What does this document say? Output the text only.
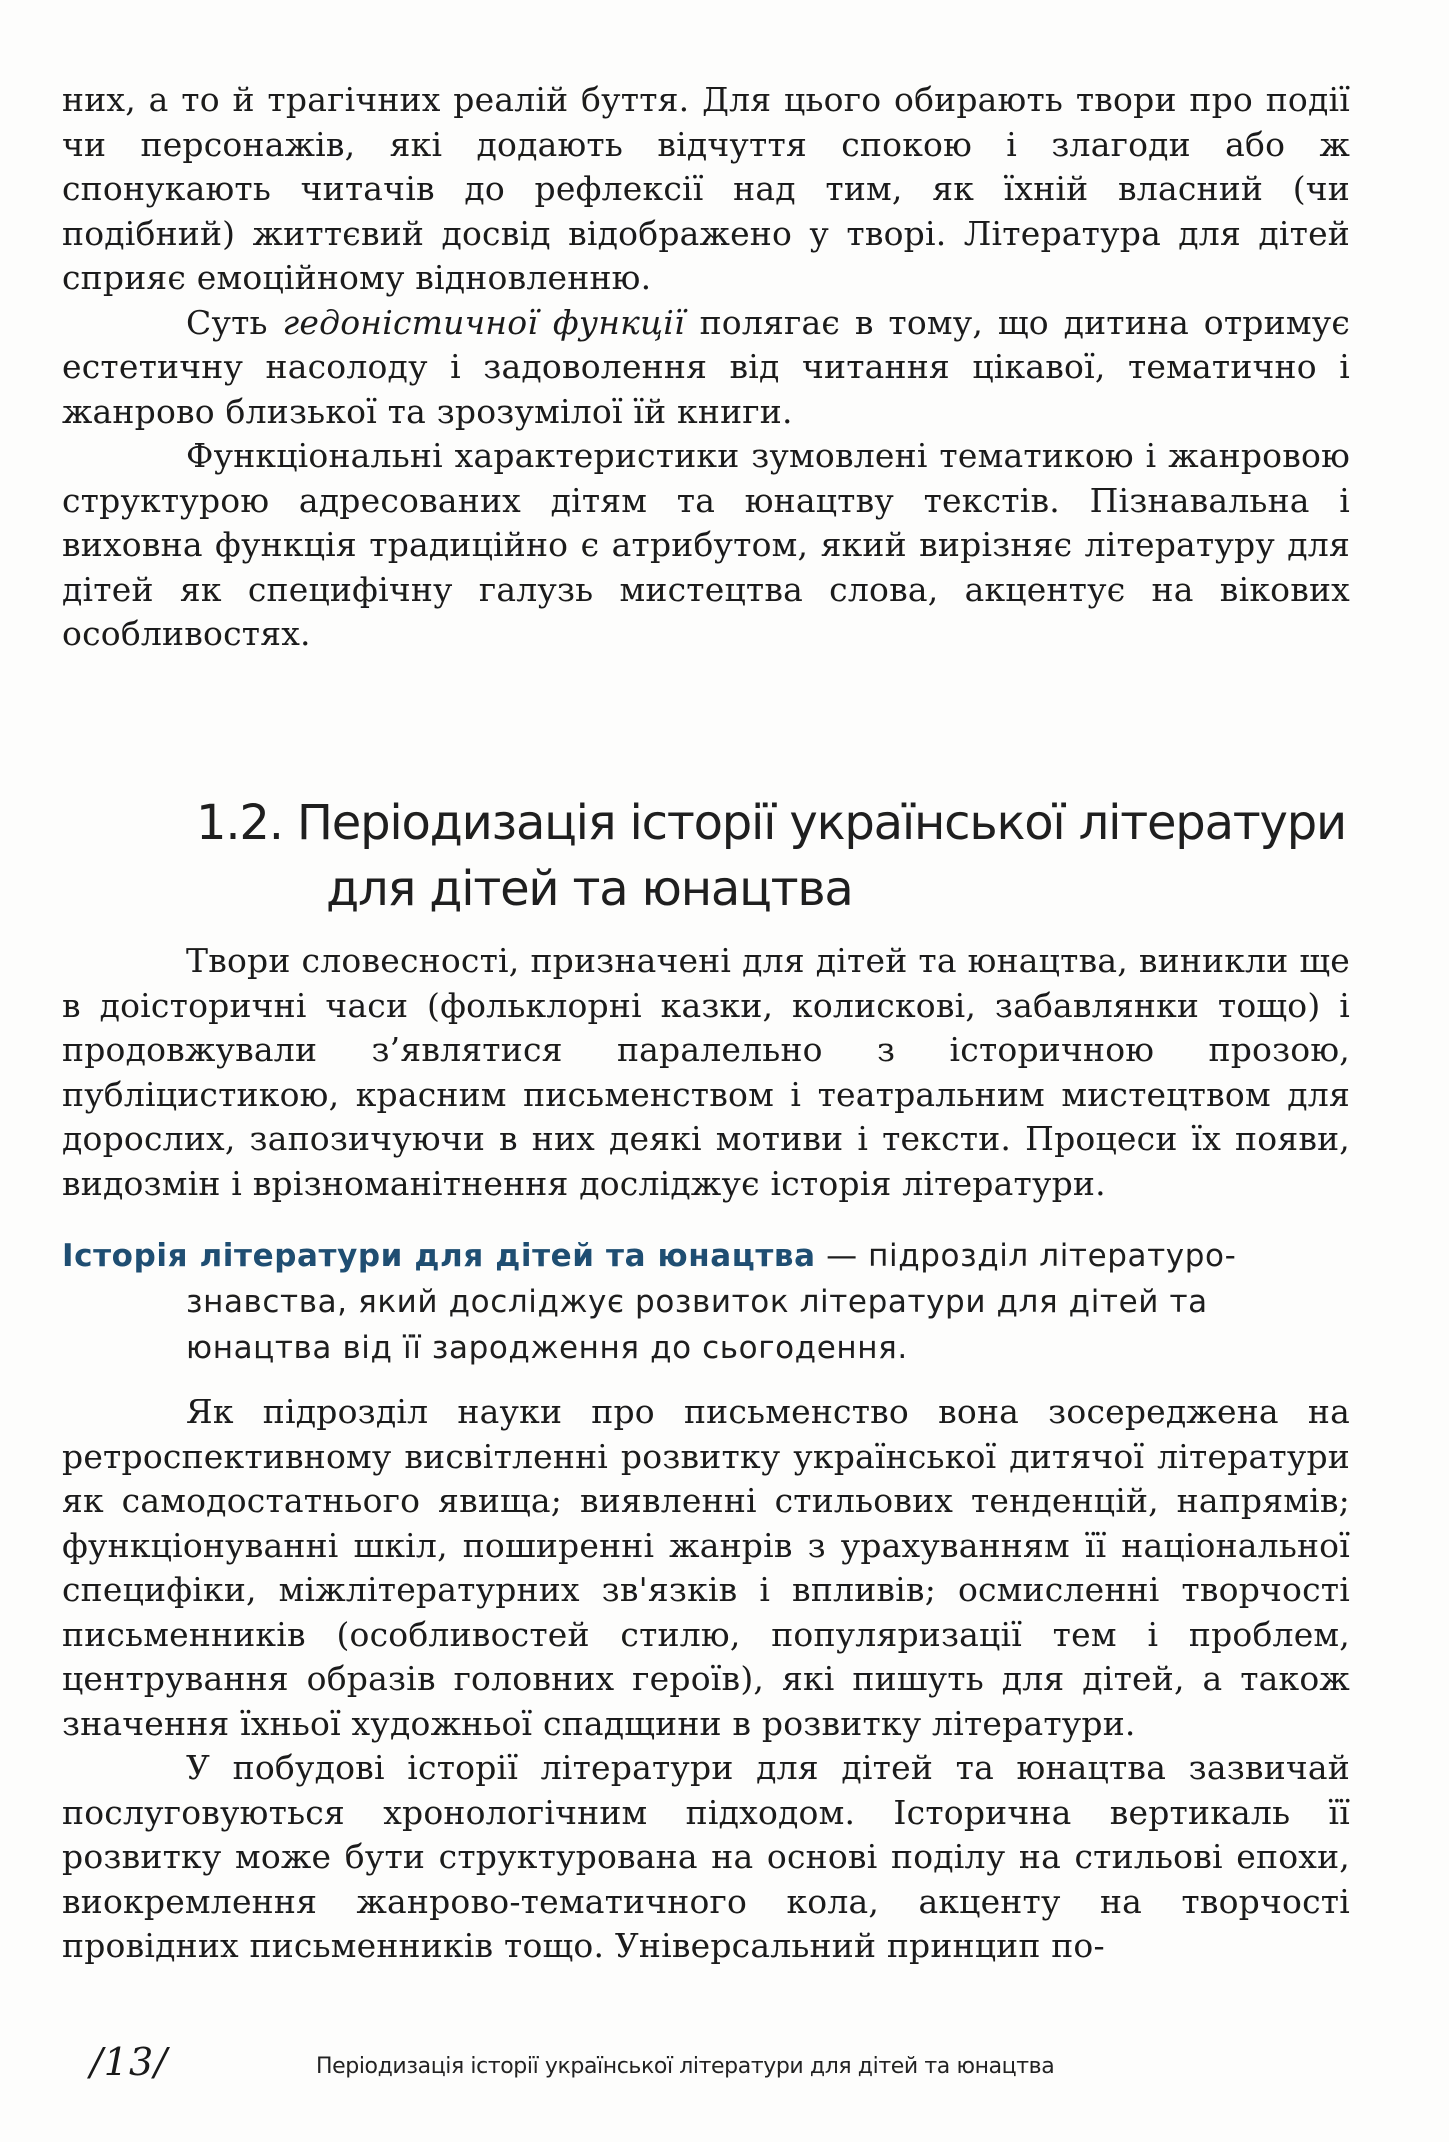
них, а то й трагічних реалій буття. Для цього обирають твори про події чи персонажів, які додають відчуття спокою і злагоди або ж спонукають читачів до рефлексії над тим, як їхній власний (чи подібний) життєвий досвід відображено у творі. Література для дітей сприяє емоційному відновленню.

Суть гедоністичної функції полягає в тому, що дитина отримує естетичну насолоду і задоволення від читання цікавої, тематично і жанрово близької та зрозумілої їй книги.

Функціональні характеристики зумовлені тематикою і жанровою структурою адресованих дітям та юнацтву текстів. Пізнавальна і виховна функція традиційно є атрибутом, який вирізняє літературу для дітей як специфічну галузь мистецтва слова, акцентує на вікових особливостях.

1.2. Періодизація історії української літератури
для дітей та юнацтва

Твори словесності, призначені для дітей та юнацтва, виникли ще в доісторичні часи (фольклорні казки, колискові, забавлянки тощо) і продовжували з’являтися паралельно з історичною прозою, публіцистикою, красним письменством і театральним мистецтвом для дорослих, запозичуючи в них деякі мотиви і тексти. Процеси їх появи, видозмін і врізноманітнення досліджує історія літератури.

Історія літератури для дітей та юнацтва — підрозділ літературо-
знавства, який досліджує розвиток літератури для дітей та
юнацтва від її зародження до сьогодення.

Як підрозділ науки про письменство вона зосереджена на ретроспективному висвітленні розвитку української дитячої літератури як самодостатнього явища; виявленні стильових тенденцій, напрямів; функціонуванні шкіл, поширенні жанрів з урахуванням її національної специфіки, міжлітературних зв'язків і впливів; осмисленні творчості письменників (особливостей стилю, популяризації тем і проблем, центрування образів головних героїв), які пишуть для дітей, а також значення їхньої художньої спадщини в розвитку літератури.

У побудові історії літератури для дітей та юнацтва зазвичай послуговуються хронологічним підходом. Історична вертикаль її розвитку може бути структурована на основі поділу на стильові епохи, виокремлення жанрово-тематичного кола, акценту на творчості провідних письменників тощо. Універсальний принцип по-

/13/	Періодизація історії української літератури для дітей та юнацтва
